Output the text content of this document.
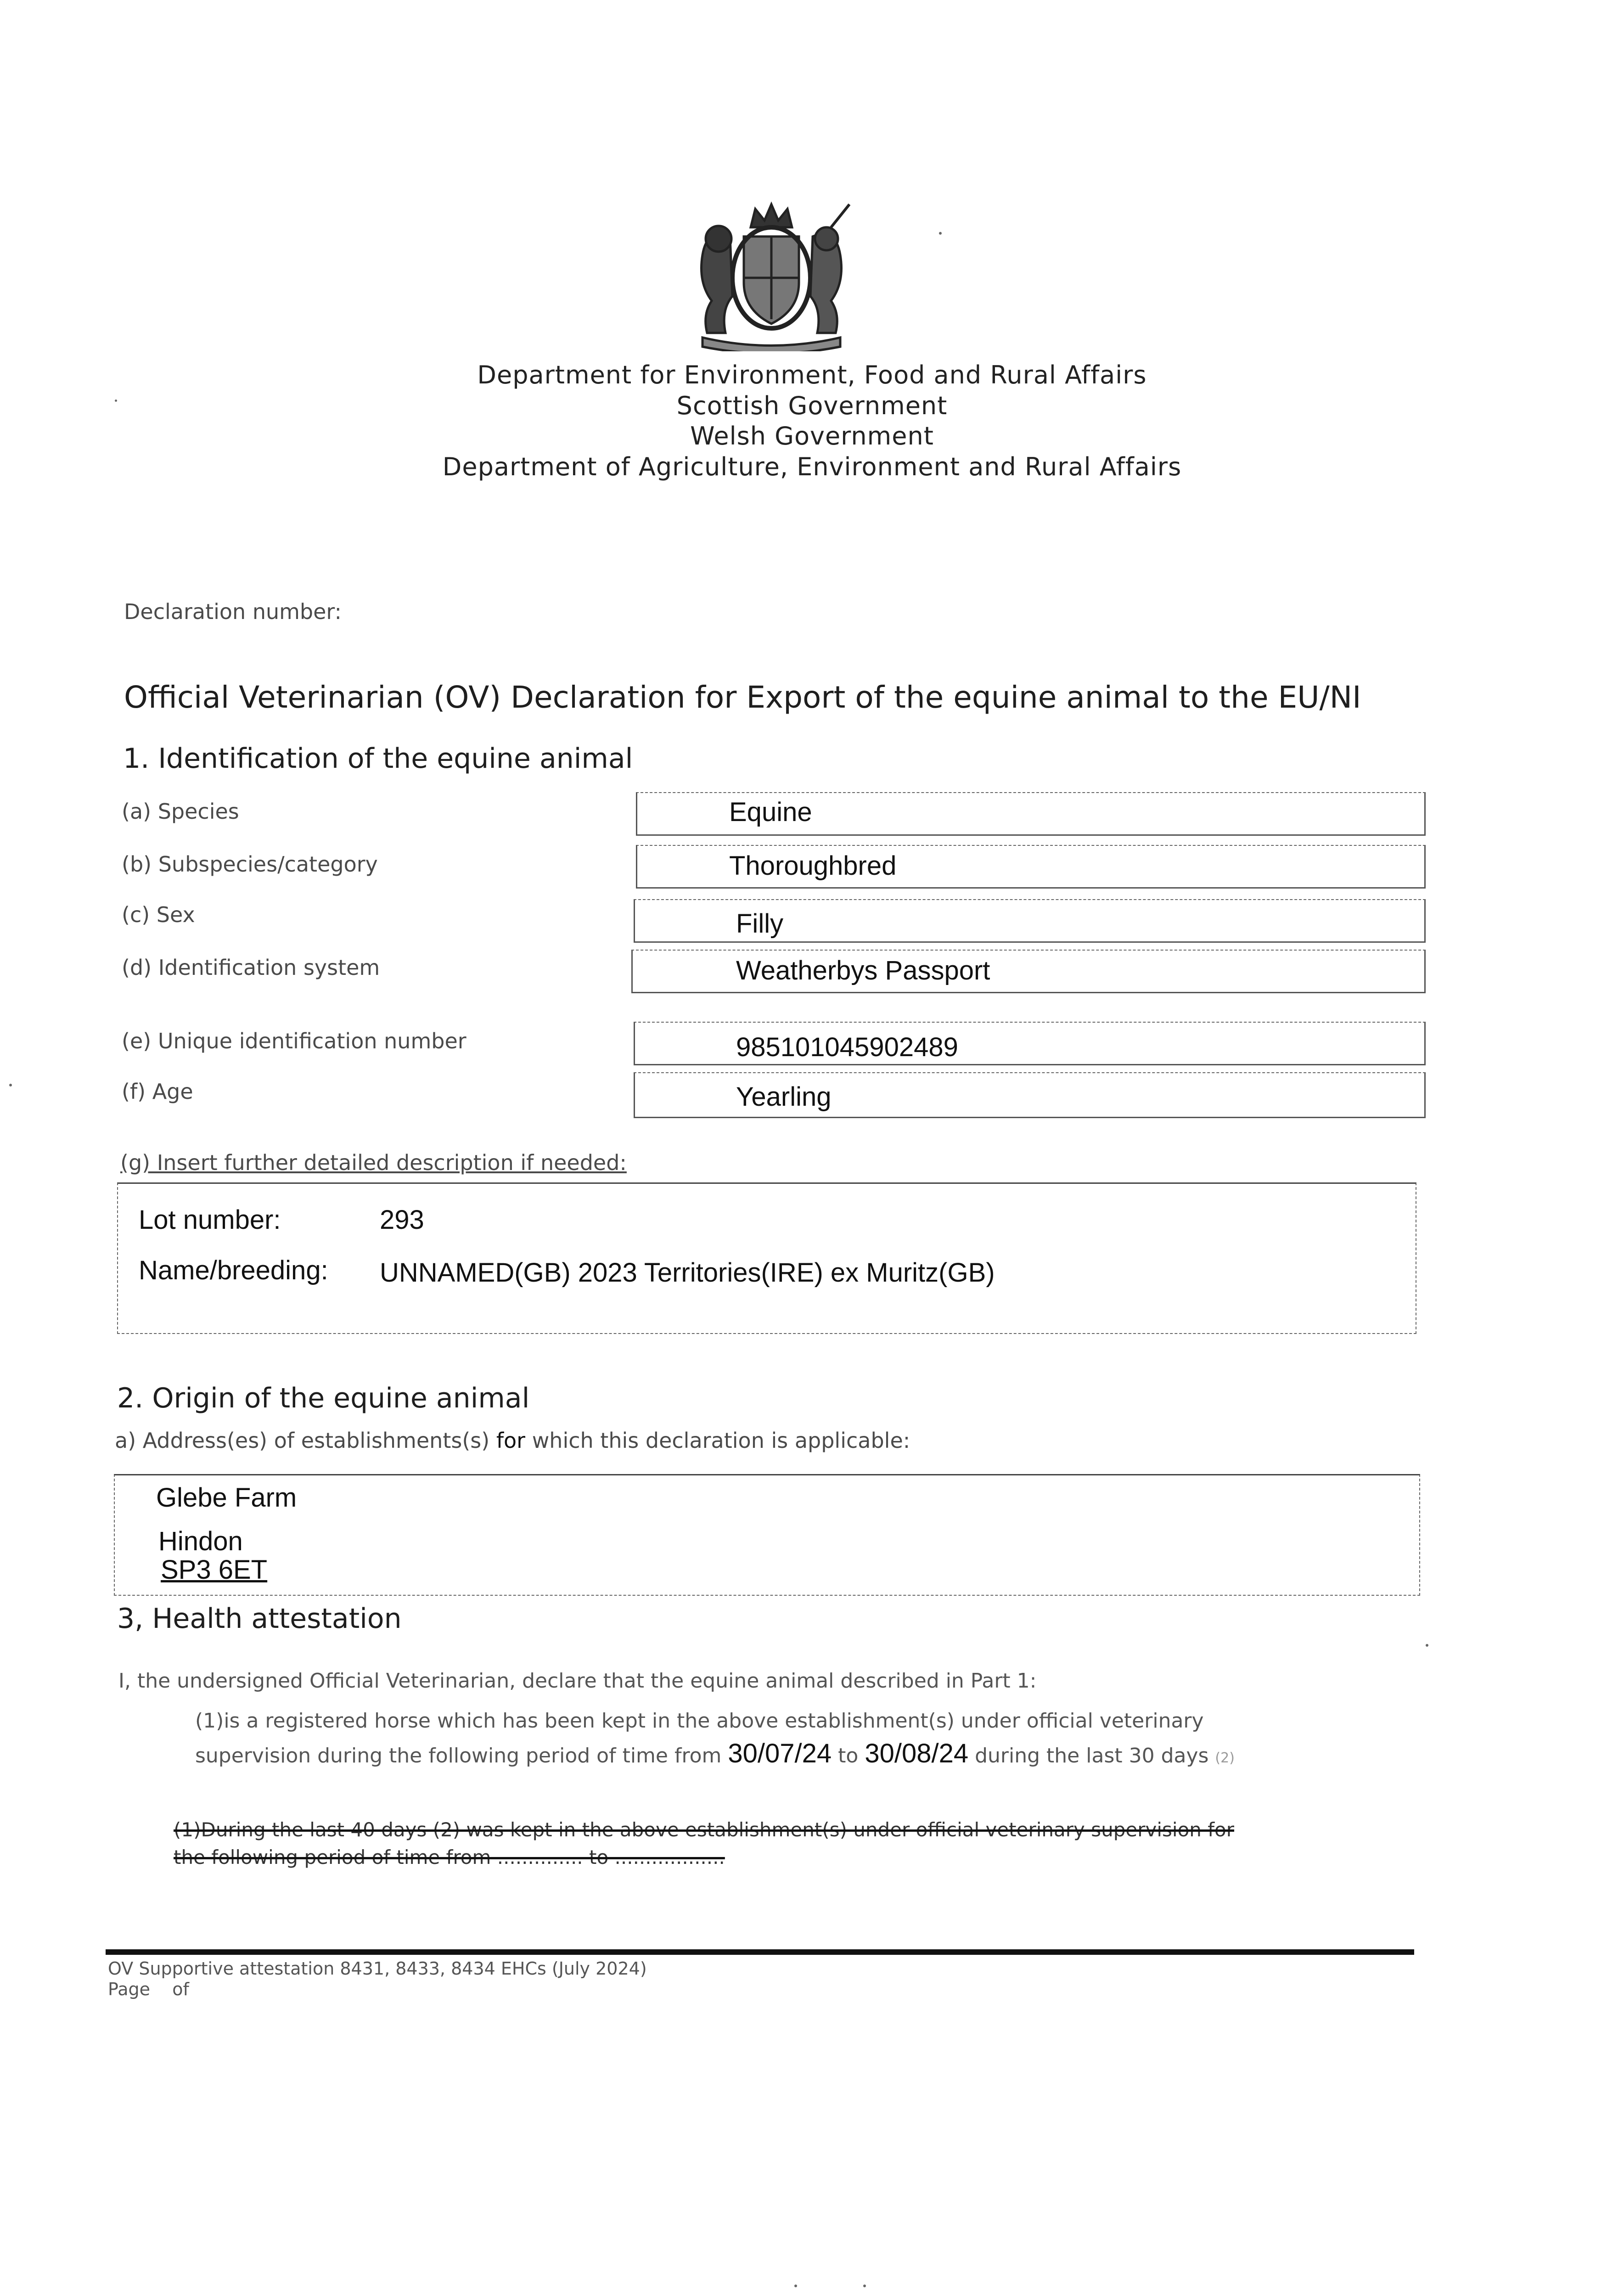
Department for Environment, Food and Rural Affairs
Scottish Government
Welsh Government
Department of Agriculture, Environment and Rural Affairs
Declaration number:
Official Veterinarian (OV) Declaration for Export of the equine animal to the EU/NI
1. Identification of the equine animal
(a) Species	Equine
(b) Subspecies/category	Thoroughbred
(c) Sex	Filly
(d) Identification system	Weatherbys Passport
(e) Unique identification number	985101045902489
(f) Age	Yearling
(g) Insert further detailed description if needed:
Lot number:	293
Name/breeding: UNNAMED(GB) 2023 Territories(IRE) ex Muritz(GB)
2. Origin of the equine animal
a) Address(es) of establishments(s) for which this declaration is applicable:
Glebe Farm
Hindon
SP3 6ET
3, Health attestation
I, the undersigned Official Veterinarian, declare that the equine animal described in Part 1:
(1)is a registered horse which has been kept in the above establishment(s) under official veterinary
supervision during the following period of time from 30/07/24 to 30/08/24 during the last 30 days (2)
(1)During the last 40 days (2) was kept in the above establishment(s) under official veterinary supervision for
the following period of time from .............. to ..................
OV Supportive attestation 8431, 8433, 8434 EHCs (July 2024)
Page    of
